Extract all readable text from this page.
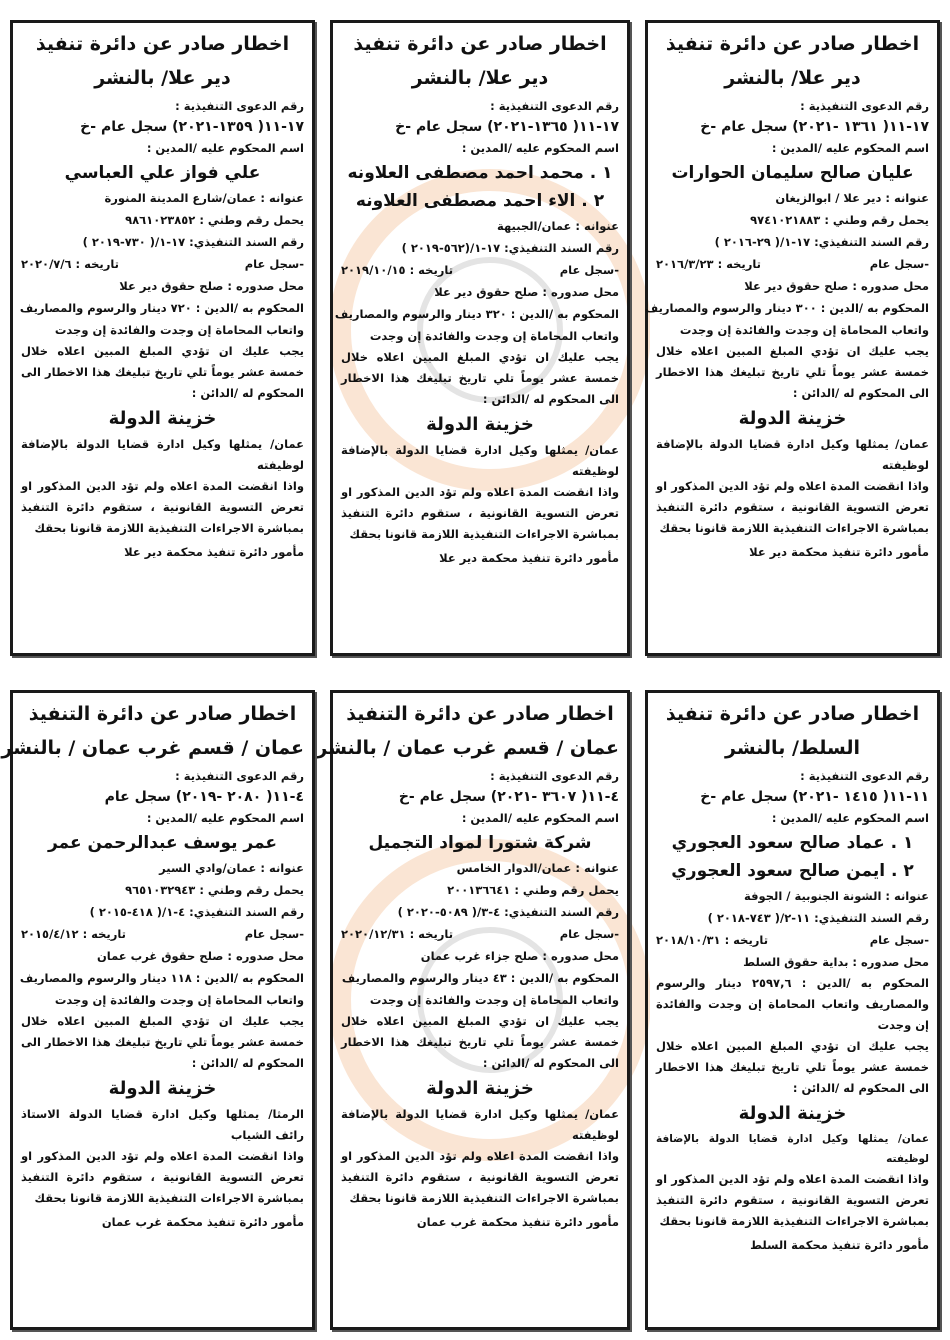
اخطار صادر عن دائرة تنفيذ
دير علا/ بالنشر
رقم الدعوى التنفيذية :
١٧-١١( ١٣٦١ -٢٠٢١) سجل عام -خ
اسم المحكوم عليه /المدين :
عليان صالح سليمان الحوارات
عنوانه : دير علا / ابوالزيغان
يحمل رقم وطني : ٩٧٤١٠٢١٨٨٣
رقم السند التنفيذي: ١٧-١/( ٢٩-٢٠١٦ )
-سجل عام
تاريخه : ٢٠١٦/٣/٢٣
محل صدوره : صلح حقوق دير علا
المحكوم به /الدين : ٣٠٠ دينار والرسوم والمصاريف
واتعاب المحاماة إن وجدت والفائدة إن وجدت
يجب عليك ان تؤدي المبلغ المبين اعلاه خلال خمسة عشر يوماً تلي تاريخ تبليغك هذا الاخطار الى المحكوم له /الدائن :
خزينة الدولة
عمان/ يمثلها وكيل ادارة قضايا الدولة بالإضافة لوظيفته
واذا انقضت المدة اعلاه ولم تؤد الدين المذكور او تعرض التسوية القانونية ، ستقوم دائرة التنفيذ بمباشرة الاجراءات التنفيذية اللازمة قانونا بحقك
مأمور دائرة تنفيذ محكمة دير علا
اخطار صادر عن دائرة تنفيذ
دير علا/ بالنشر
رقم الدعوى التنفيذية :
١٧-١١( ١٣٦٥-٢٠٢١) سجل عام -خ
اسم المحكوم عليه /المدين :
١ . محمد احمد مصطفى العلاونه
٢ . الاء احمد مصطفى العلاونه
عنوانه : عمان/الجبيهة
رقم السند التنفيذي: ١٧-١/(٥٦٢-٢٠١٩ )
-سجل عام
تاريخه : ٢٠١٩/١٠/١٥
محل صدوره : صلح حقوق دير علا
المحكوم به /الدين : ٣٢٠ دينار والرسوم والمصاريف
واتعاب المحاماة إن وجدت والفائدة إن وجدت
يجب عليك ان تؤدي المبلغ المبين اعلاه خلال خمسة عشر يوماً تلي تاريخ تبليغك هذا الاخطار الى المحكوم له /الدائن :
خزينة الدولة
عمان/ يمثلها وكيل ادارة قضايا الدولة بالإضافة لوظيفته
واذا انقضت المدة اعلاه ولم تؤد الدين المذكور او تعرض التسوية القانونية ، ستقوم دائرة التنفيذ بمباشرة الاجراءات التنفيذية اللازمة قانونا بحقك
مأمور دائرة تنفيذ محكمة دير علا
اخطار صادر عن دائرة تنفيذ
دير علا/ بالنشر
رقم الدعوى التنفيذية :
١٧-١١( ١٣٥٩-٢٠٢١) سجل عام -خ
اسم المحكوم عليه /المدين :
علي فواز علي العباسي
عنوانه : عمان/شارع المدينة المنورة
يحمل رقم وطني : ٩٨٦١٠٢٣٨٥٢
رقم السند التنفيذي: ١٧-١/( ٧٣٠-٢٠١٩ )
-سجل عام
تاريخه : ٢٠٢٠/٧/٦
محل صدوره : صلح حقوق دير علا
المحكوم به /الدين : ٧٢٠ دينار والرسوم والمصاريف
واتعاب المحاماة إن وجدت والفائدة إن وجدت
يجب عليك ان تؤدي المبلغ المبين اعلاه خلال خمسة عشر يوماً تلي تاريخ تبليغك هذا الاخطار الى المحكوم له /الدائن :
خزينة الدولة
عمان/ يمثلها وكيل ادارة قضايا الدولة بالإضافة لوظيفته
واذا انقضت المدة اعلاه ولم تؤد الدين المذكور او تعرض التسوية القانونية ، ستقوم دائرة التنفيذ بمباشرة الاجراءات التنفيذية اللازمة قانونا بحقك
مأمور دائرة تنفيذ محكمة دير علا
اخطار صادر عن دائرة تنفيذ
السلط/ بالنشر
رقم الدعوى التنفيذية :
١١-١١( ١٤١٥ -٢٠٢١) سجل عام -خ
اسم المحكوم عليه /المدين :
١ . عماد صالح سعود العجوري
٢ . ايمن صالح سعود العجوري
عنوانه : الشونة الجنوبية / الجوفة
رقم السند التنفيذي: ١١-٢/( ٧٤٣-٢٠١٨ )
-سجل عام
تاريخه : ٢٠١٨/١٠/٣١
محل صدوره : بداية حقوق السلط
المحكوم به /الدين : ٢٥٩٧,٦ دينار والرسوم والمصاريف واتعاب المحاماة إن وجدت والفائدة إن وجدت
يجب عليك ان تؤدي المبلغ المبين اعلاه خلال خمسة عشر يوماً تلي تاريخ تبليغك هذا الاخطار الى المحكوم له /الدائن :
خزينة الدولة
عمان/ يمثلها وكيل ادارة قضايا الدولة بالإضافة لوظيفته
واذا انقضت المدة اعلاه ولم تؤد الدين المذكور او تعرض التسوية القانونية ، ستقوم دائرة التنفيذ بمباشرة الاجراءات التنفيذية اللازمة قانونا بحقك
مأمور دائرة تنفيذ محكمة السلط
اخطار صادر عن دائرة التنفيذ
عمان / قسم غرب عمان / بالنشر
رقم الدعوى التنفيذية :
٤-١١( ٣٦٠٧ -٢٠٢١) سجل عام -خ
اسم المحكوم عليه /المدين :
شركة شتورا لمواد التجميل
عنوانه : عمان/الدوار الخامس
يحمل رقم وطني : ٢٠٠١٣٦٦٤١
رقم السند التنفيذي: ٤-٣/( ٥٠٨٩-٢٠٢٠ )
-سجل عام
تاريخه : ٢٠٢٠/١٢/٣١
محل صدوره : صلح جزاء غرب عمان
المحكوم به /الدين : ٤٣ دينار والرسوم والمصاريف
واتعاب المحاماة إن وجدت والفائدة إن وجدت
يجب عليك ان تؤدي المبلغ المبين اعلاه خلال خمسة عشر يوماً تلي تاريخ تبليغك هذا الاخطار الى المحكوم له /الدائن :
خزينة الدولة
عمان/ يمثلها وكيل ادارة قضايا الدولة بالإضافة لوظيفته
واذا انقضت المدة اعلاه ولم تؤد الدين المذكور او تعرض التسوية القانونية ، ستقوم دائرة التنفيذ بمباشرة الاجراءات التنفيذية اللازمة قانونا بحقك
مأمور دائرة تنفيذ محكمة غرب عمان
اخطار صادر عن دائرة التنفيذ
عمان / قسم غرب عمان / بالنشر
رقم الدعوى التنفيذية :
٤-١١( ٢٠٨٠ -٢٠١٩) سجل عام
اسم المحكوم عليه /المدين :
عمر يوسف عبدالرحمن عمر
عنوانه : عمان/وادي السير
يحمل رقم وطني : ٩٦٥١٠٣٢٩٤٣
رقم السند التنفيذي: ٤-١/( ٤١٨-٢٠١٥ )
-سجل عام
تاريخه : ٢٠١٥/٤/١٢
محل صدوره : صلح حقوق غرب عمان
المحكوم به /الدين : ١١٨ دينار والرسوم والمصاريف
واتعاب المحاماة إن وجدت والفائدة إن وجدت
يجب عليك ان تؤدي المبلغ المبين اعلاه خلال خمسة عشر يوماً تلي تاريخ تبليغك هذا الاخطار الى المحكوم له /الدائن :
خزينة الدولة
الرمثا/ يمثلها وكيل ادارة قضايا الدولة الاستاذ رائف الشياب
واذا انقضت المدة اعلاه ولم تؤد الدين المذكور او تعرض التسوية القانونية ، ستقوم دائرة التنفيذ بمباشرة الاجراءات التنفيذية اللازمة قانونا بحقك
مأمور دائرة تنفيذ محكمة غرب عمان
